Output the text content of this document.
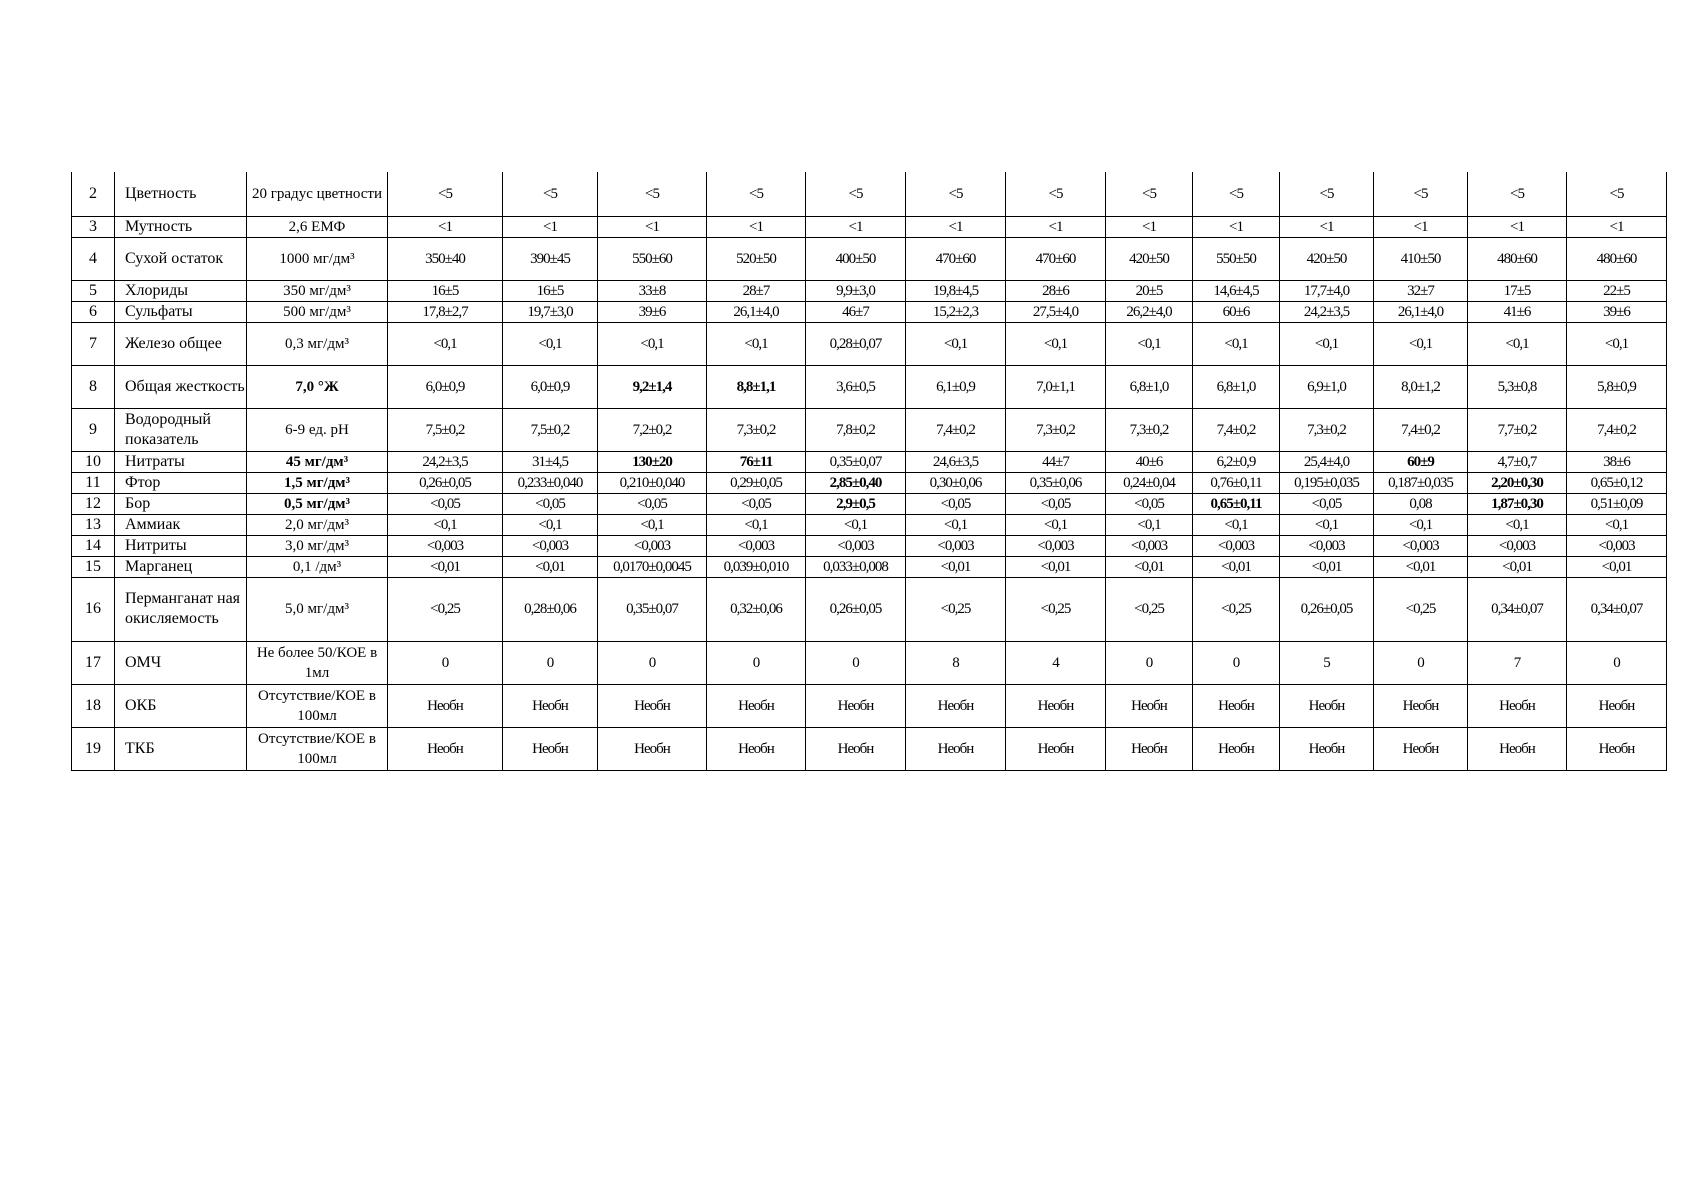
2	Цветность	20 градус цветности	<5	<5	<5	<5	<5	<5	<5	<5	<5	<5	<5	<5	<5
3	Мутность	2,6 ЕМФ	<1	<1	<1	<1	<1	<1	<1	<1	<1	<1	<1	<1	<1
4	Сухой остаток	1000 мг/дм³	350±40	390±45	550±60	520±50	400±50	470±60	470±60	420±50	550±50	420±50	410±50	480±60	480±60
5	Хлориды	350 мг/дм³	16±5	16±5	33±8	28±7	9,9±3,0	19,8±4,5	28±6	20±5	14,6±4,5	17,7±4,0	32±7	17±5	22±5
6	Сульфаты	500 мг/дм³	17,8±2,7	19,7±3,0	39±6	26,1±4,0	46±7	15,2±2,3	27,5±4,0	26,2±4,0	60±6	24,2±3,5	26,1±4,0	41±6	39±6
7	Железо общее	0,3 мг/дм³	<0,1	<0,1	<0,1	<0,1	0,28±0,07	<0,1	<0,1	<0,1	<0,1	<0,1	<0,1	<0,1	<0,1
8	Общая жесткость	7,0 °Ж	6,0±0,9	6,0±0,9	9,2±1,4	8,8±1,1	3,6±0,5	6,1±0,9	7,0±1,1	6,8±1,0	6,8±1,0	6,9±1,0	8,0±1,2	5,3±0,8	5,8±0,9
9	Водородный показатель	6-9 ед. pH	7,5±0,2	7,5±0,2	7,2±0,2	7,3±0,2	7,8±0,2	7,4±0,2	7,3±0,2	7,3±0,2	7,4±0,2	7,3±0,2	7,4±0,2	7,7±0,2	7,4±0,2
10	Нитраты	45 мг/дм³	24,2±3,5	31±4,5	130±20	76±11	0,35±0,07	24,6±3,5	44±7	40±6	6,2±0,9	25,4±4,0	60±9	4,7±0,7	38±6
11	Фтор	1,5 мг/дм³	0,26±0,05	0,233±0,040	0,210±0,040	0,29±0,05	2,85±0,40	0,30±0,06	0,35±0,06	0,24±0,04	0,76±0,11	0,195±0,035	0,187±0,035	2,20±0,30	0,65±0,12
12	Бор	0,5 мг/дм³	<0,05	<0,05	<0,05	<0,05	2,9±0,5	<0,05	<0,05	<0,05	0,65±0,11	<0,05	0,08	1,87±0,30	0,51±0,09
13	Аммиак	2,0 мг/дм³	<0,1	<0,1	<0,1	<0,1	<0,1	<0,1	<0,1	<0,1	<0,1	<0,1	<0,1	<0,1	<0,1
14	Нитриты	3,0 мг/дм³	<0,003	<0,003	<0,003	<0,003	<0,003	<0,003	<0,003	<0,003	<0,003	<0,003	<0,003	<0,003	<0,003
15	Марганец	0,1 /дм³	<0,01	<0,01	0,0170±0,0045	0,039±0,010	0,033±0,008	<0,01	<0,01	<0,01	<0,01	<0,01	<0,01	<0,01	<0,01
16	Перманганат ная окисляемость	5,0 мг/дм³	<0,25	0,28±0,06	0,35±0,07	0,32±0,06	0,26±0,05	<0,25	<0,25	<0,25	<0,25	0,26±0,05	<0,25	0,34±0,07	0,34±0,07
17	ОМЧ	Не более 50/КОЕ в 1мл	0	0	0	0	0	8	4	0	0	5	0	7	0
18	ОКБ	Отсутствие/КОЕ в 100мл	Необн	Необн	Необн	Необн	Необн	Необн	Необн	Необн	Необн	Необн	Необн	Необн	Необн
19	ТКБ	Отсутствие/КОЕ в 100мл	Необн	Необн	Необн	Необн	Необн	Необн	Необн	Необн	Необн	Необн	Необн	Необн	Необн
